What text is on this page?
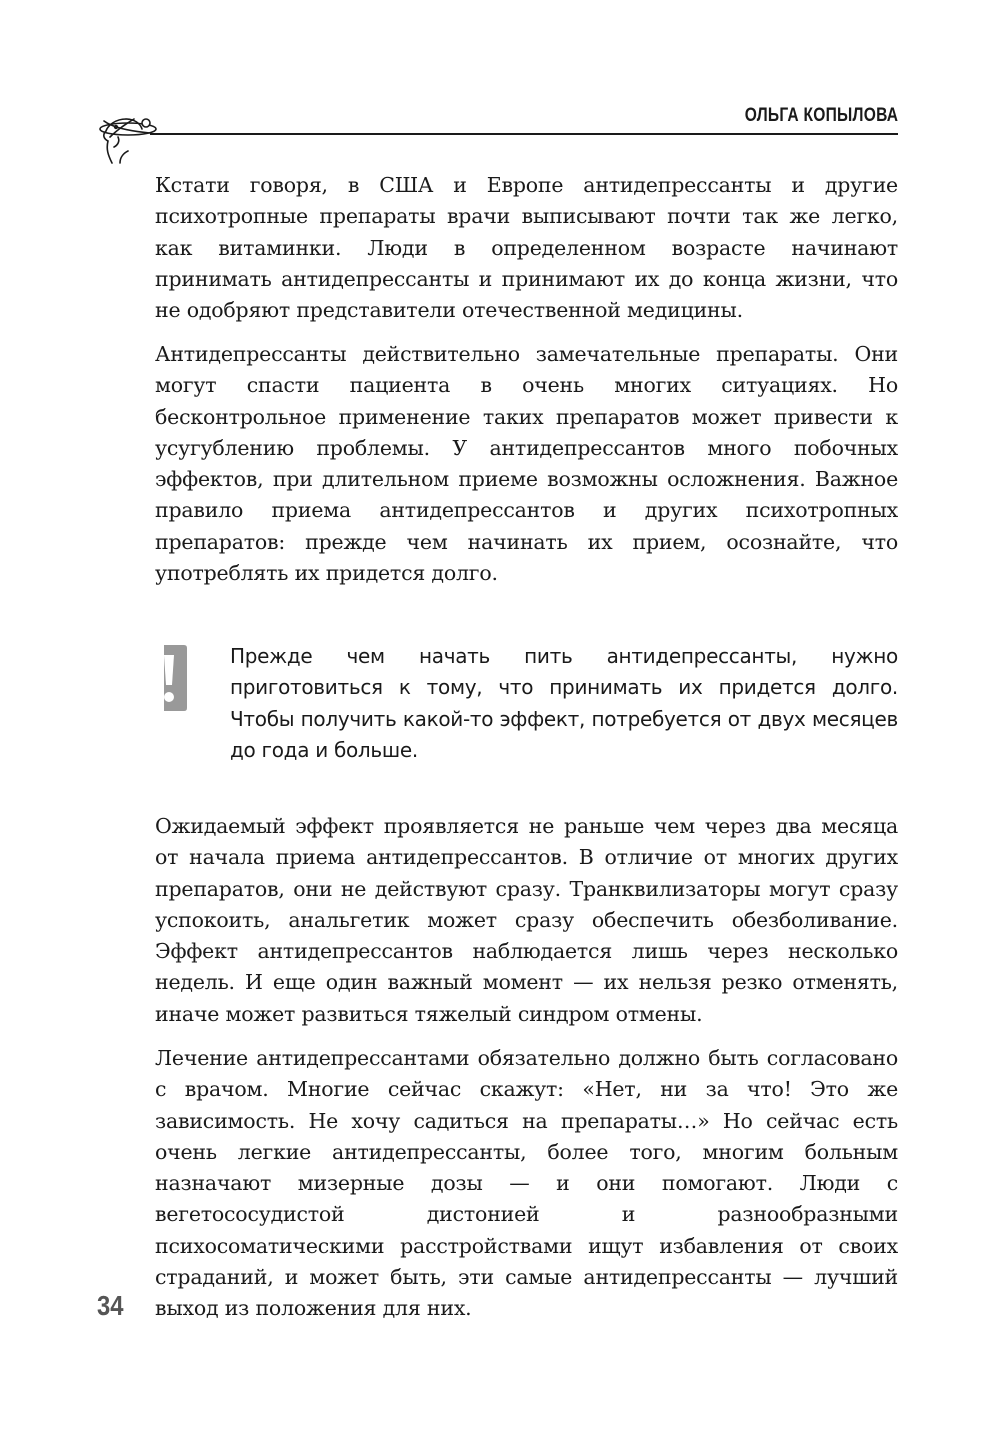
ОЛЬГА КОПЫЛОВА

Кстати говоря, в США и Европе антидепрессанты и другие психотропные препараты врачи выписывают почти так же легко, как витаминки. Люди в определенном возрасте начинают принимать антидепрессанты и принимают их до конца жизни, что не одобряют представители отечественной медицины.

Антидепрессанты действительно замечательные препараты. Они могут спасти пациента в очень многих ситуациях. Но бесконтрольное применение таких препаратов может привести к усугублению проблемы. У антидепрессантов много побочных эффектов, при длительном приеме возможны осложнения. Важное правило приема антидепрессантов и других психотропных препаратов: прежде чем начинать их прием, осознайте, что употреблять их придется долго.

Прежде чем начать пить антидепрессанты, нужно приготовиться к тому, что принимать их придется долго. Чтобы получить какой-то эффект, потребуется от двух месяцев до года и больше.

Ожидаемый эффект проявляется не раньше чем через два месяца от начала приема антидепрессантов. В отличие от многих других препаратов, они не действуют сразу. Транквилизаторы могут сразу успокоить, анальгетик может сразу обеспечить обезболивание. Эффект антидепрессантов наблюдается лишь через несколько недель. И еще один важный момент — их нельзя резко отменять, иначе может развиться тяжелый синдром отмены.

Лечение антидепрессантами обязательно должно быть согласовано с врачом. Многие сейчас скажут: «Нет, ни за что! Это же зависимость. Не хочу садиться на препараты…» Но сейчас есть очень легкие антидепрессанты, более того, многим больным назначают мизерные дозы — и они помогают. Люди с вегетососудистой дистонией и разнообразными психосоматическими расстройствами ищут избавления от своих страданий, и может быть, эти самые антидепрессанты — лучший выход из положения для них.

34
